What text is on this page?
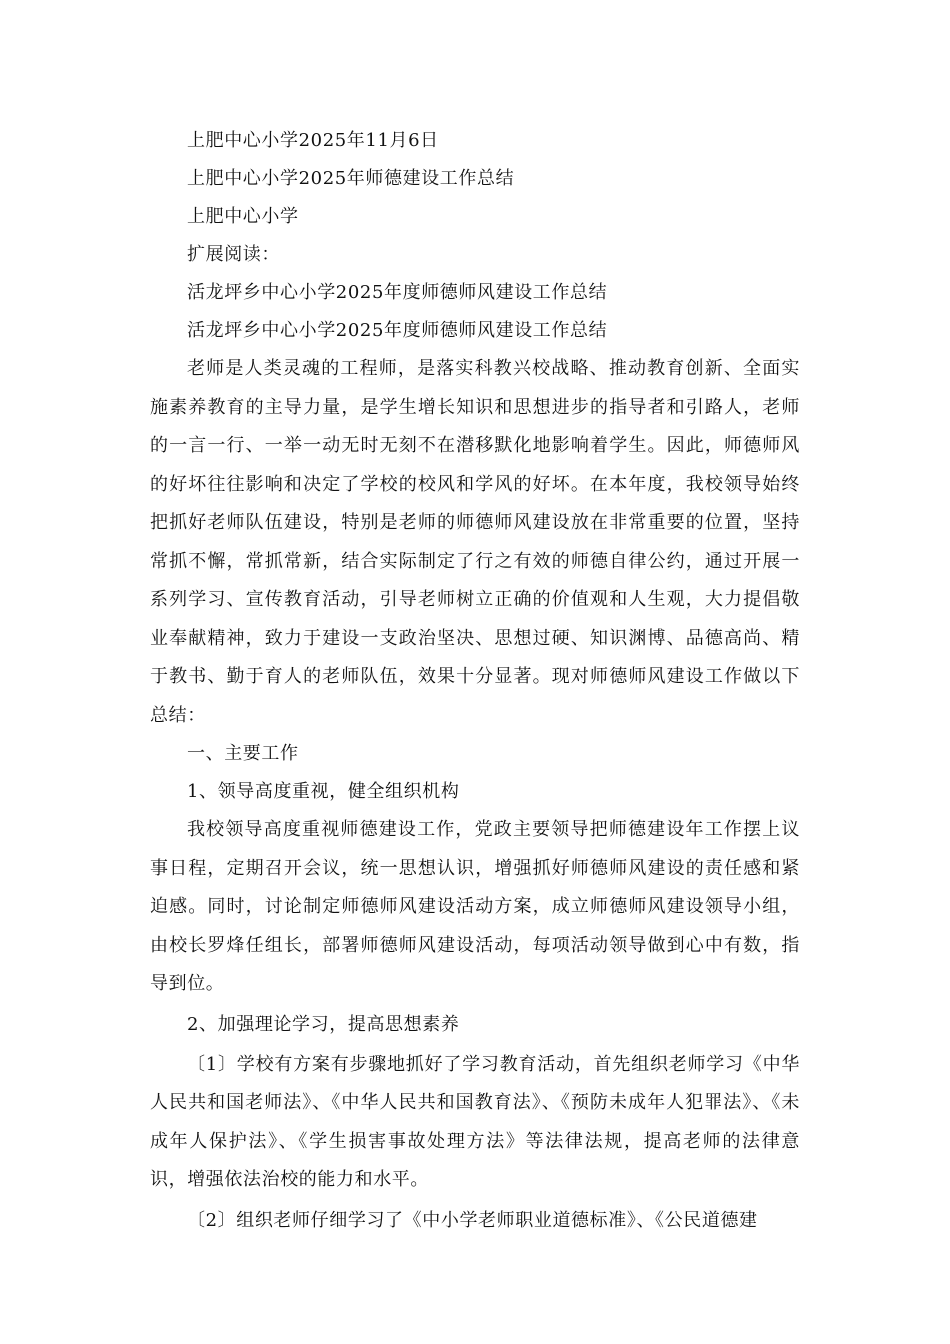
上肥中心小学2025年11月6日

上肥中心小学2025年师德建设工作总结

上肥中心小学

扩展阅读：

活龙坪乡中心小学2025年度师德师风建设工作总结

活龙坪乡中心小学2025年度师德师风建设工作总结

老师是人类灵魂的工程师，是落实科教兴校战略、推动教育创新、全面实施素养教育的主导力量，是学生增长知识和思想进步的指导者和引路人，老师的一言一行、一举一动无时无刻不在潜移默化地影响着学生。因此，师德师风的好坏往往影响和决定了学校的校风和学风的好坏。在本年度，我校领导始终把抓好老师队伍建设，特别是老师的师德师风建设放在非常重要的位置，坚持常抓不懈，常抓常新，结合实际制定了行之有效的师德自律公约，通过开展一系列学习、宣传教育活动，引导老师树立正确的价值观和人生观，大力提倡敬业奉献精神，致力于建设一支政治坚决、思想过硬、知识渊博、品德高尚、精于教书、勤于育人的老师队伍，效果十分显著。现对师德师风建设工作做以下总结：

一、主要工作

1、领导高度重视，健全组织机构

我校领导高度重视师德建设工作，党政主要领导把师德建设年工作摆上议事日程，定期召开会议，统一思想认识，增强抓好师德师风建设的责任感和紧迫感。同时，讨论制定师德师风建设活动方案，成立师德师风建设领导小组，由校长罗烽任组长，部署师德师风建设活动，每项活动领导做到心中有数，指导到位。

2、加强理论学习，提高思想素养

〔1〕学校有方案有步骤地抓好了学习教育活动，首先组织老师学习《中华人民共和国老师法》、《中华人民共和国教育法》、《预防未成年人犯罪法》、《未成年人保护法》、《学生损害事故处理方法》等法律法规，提高老师的法律意识，增强依法治校的能力和水平。

〔2〕组织老师仔细学习了《中小学老师职业道德标准》、《公民道德建
